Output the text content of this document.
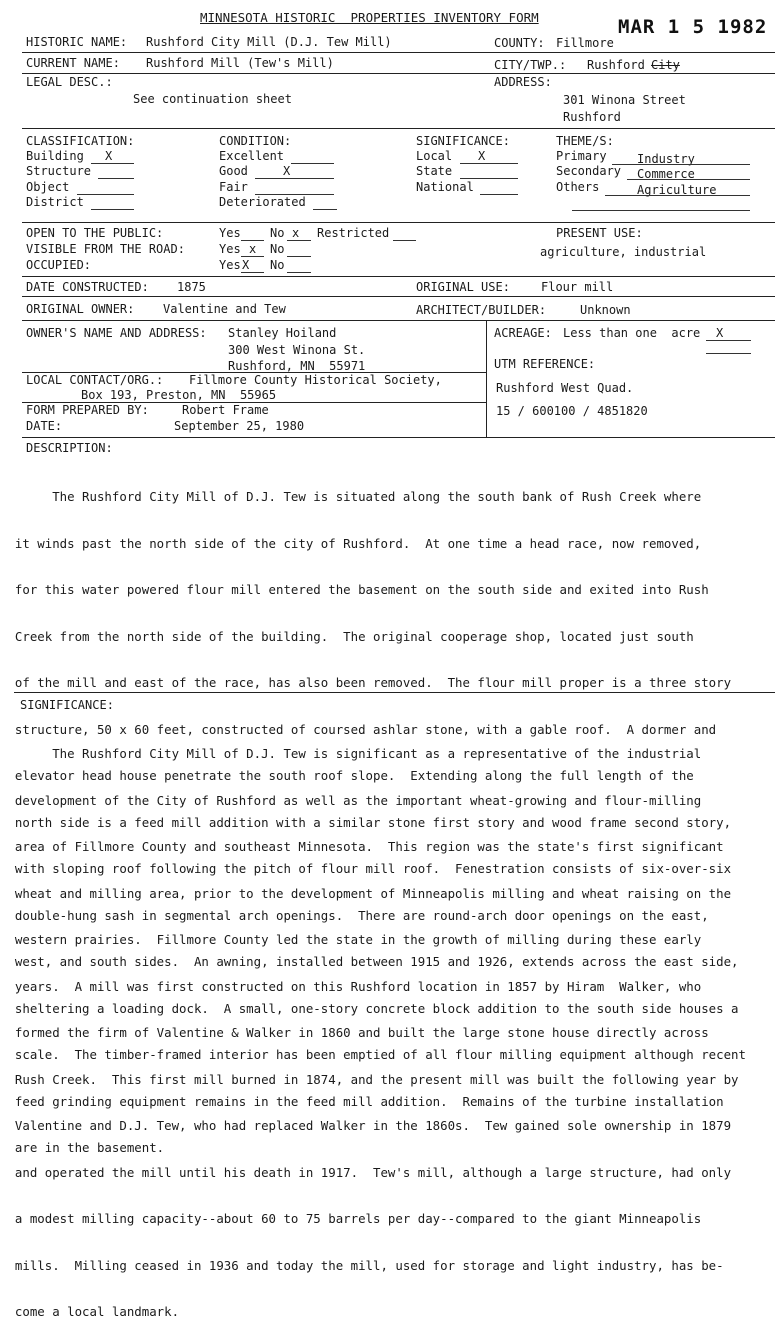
MINNESOTA HISTORIC  PROPERTIES INVENTORY FORM	MAR 1 5 1982
HISTORIC NAME: Rushford City Mill (D.J. Tew Mill)	COUNTY: Fillmore
CURRENT NAME: Rushford Mill (Tew's Mill)	CITY/TWP.: Rushford City
LEGAL DESC.:
See continuation sheet
ADDRESS:
301 Winona Street
Rushford
CLASSIFICATION:
Building X
Structure
Object
District
CONDITION:
Excellent
Good	X
Fair
Deteriorated
SIGNIFICANCE:
Local X
State
National
THEME/S:
Primary	Industry
Secondary Commerce
Others	Agriculture
OPEN TO THE PUBLIC:	Yes No x Restricted
VISIBLE FROM THE ROAD:	Yes x No
OCCUPIED:	Yes X No
PRESENT USE:
agriculture, industrial
DATE CONSTRUCTED: 1875	ORIGINAL USE:	Flour mill
ORIGINAL OWNER: Valentine and Tew	ARCHITECT/BUILDER:	Unknown
OWNER'S NAME AND ADDRESS: Stanley Hoiland
300 West Winona St.
Rushford, MN  55971
LOCAL CONTACT/ORG.: Fillmore County Historical Society,
Box 193, Preston, MN  55965
FORM PREPARED BY:	Robert Frame
DATE:	September 25, 1980
ACREAGE: Less than one  acre X
UTM REFERENCE:
Rushford West Quad.
15 / 600100 / 4851820
DESCRIPTION:

The Rushford City Mill of D.J. Tew is situated along the south bank of Rush Creek where

it winds past the north side of the city of Rushford.  At one time a head race, now removed,

for this water powered flour mill entered the basement on the south side and exited into Rush

Creek from the north side of the building.  The original cooperage shop, located just south

of the mill and east of the race, has also been removed.  The flour mill proper is a three story

structure, 50 x 60 feet, constructed of coursed ashlar stone, with a gable roof.  A dormer and

elevator head house penetrate the south roof slope.  Extending along the full length of the

north side is a feed mill addition with a similar stone first story and wood frame second story,

with sloping roof following the pitch of flour mill roof.  Fenestration consists of six-over-six

double-hung sash in segmental arch openings.  There are round-arch door openings on the east,

west, and south sides.  An awning, installed between 1915 and 1926, extends across the east side,

sheltering a loading dock.  A small, one-story concrete block addition to the south side houses a

scale.  The timber-framed interior has been emptied of all flour milling equipment although recent

feed grinding equipment remains in the feed mill addition.  Remains of the turbine installation

are in the basement.

SIGNIFICANCE:

The Rushford City Mill of D.J. Tew is significant as a representative of the industrial

development of the City of Rushford as well as the important wheat-growing and flour-milling

area of Fillmore County and southeast Minnesota.  This region was the state's first significant

wheat and milling area, prior to the development of Minneapolis milling and wheat raising on the

western prairies.  Fillmore County led the state in the growth of milling during these early

years.  A mill was first constructed on this Rushford location in 1857 by Hiram  Walker, who

formed the firm of Valentine & Walker in 1860 and built the large stone house directly across

Rush Creek.  This first mill burned in 1874, and the present mill was built the following year by

Valentine and D.J. Tew, who had replaced Walker in the 1860s.  Tew gained sole ownership in 1879

and operated the mill until his death in 1917.  Tew's mill, although a large structure, had only

a modest milling capacity--about 60 to 75 barrels per day--compared to the giant Minneapolis

mills.  Milling ceased in 1936 and today the mill, used for storage and light industry, has be-

come a local landmark.
